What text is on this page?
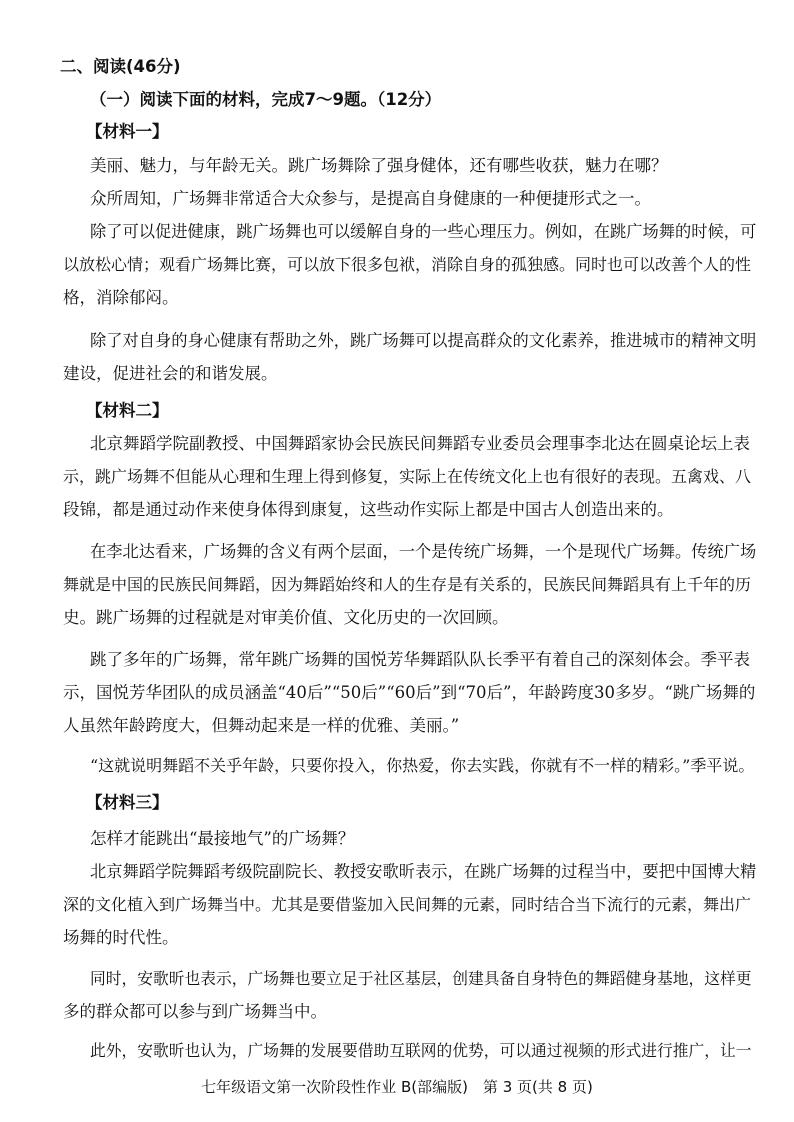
二、阅读(46分)
（一）阅读下面的材料，完成7～9题。（12分）
【材料一】
美丽、魅力，与年龄无关。跳广场舞除了强身健体，还有哪些收获，魅力在哪？
众所周知，广场舞非常适合大众参与，是提高自身健康的一种便捷形式之一。
除了可以促进健康，跳广场舞也可以缓解自身的一些心理压力。例如，在跳广场舞的时候，可
以放松心情；观看广场舞比赛，可以放下很多包袱，消除自身的孤独感。同时也可以改善个人的性
格，消除郁闷。
除了对自身的身心健康有帮助之外，跳广场舞可以提高群众的文化素养，推进城市的精神文明
建设，促进社会的和谐发展。
【材料二】
北京舞蹈学院副教授、中国舞蹈家协会民族民间舞蹈专业委员会理事李北达在圆桌论坛上表
示，跳广场舞不但能从心理和生理上得到修复，实际上在传统文化上也有很好的表现。五禽戏、八
段锦，都是通过动作来使身体得到康复，这些动作实际上都是中国古人创造出来的。
在李北达看来，广场舞的含义有两个层面，一个是传统广场舞，一个是现代广场舞。传统广场
舞就是中国的民族民间舞蹈，因为舞蹈始终和人的生存是有关系的，民族民间舞蹈具有上千年的历
史。跳广场舞的过程就是对审美价值、文化历史的一次回顾。
跳了多年的广场舞，常年跳广场舞的国悦芳华舞蹈队队长季平有着自己的深刻体会。季平表
示，国悦芳华团队的成员涵盖“40后”“50后”“60后”到“70后”，年龄跨度30多岁。“跳广场舞的
人虽然年龄跨度大，但舞动起来是一样的优雅、美丽。”
“这就说明舞蹈不关乎年龄，只要你投入，你热爱，你去实践，你就有不一样的精彩。”季平说。
【材料三】
怎样才能跳出“最接地气”的广场舞？
北京舞蹈学院舞蹈考级院副院长、教授安歌昕表示，在跳广场舞的过程当中，要把中国博大精
深的文化植入到广场舞当中。尤其是要借鉴加入民间舞的元素，同时结合当下流行的元素，舞出广
场舞的时代性。
同时，安歌昕也表示，广场舞也要立足于社区基层，创建具备自身特色的舞蹈健身基地，这样更
多的群众都可以参与到广场舞当中。
此外，安歌昕也认为，广场舞的发展要借助互联网的优势，可以通过视频的形式进行推广，让一
七年级语文第一次阶段性作业 B(部编版)　第 3 页(共 8 页)
